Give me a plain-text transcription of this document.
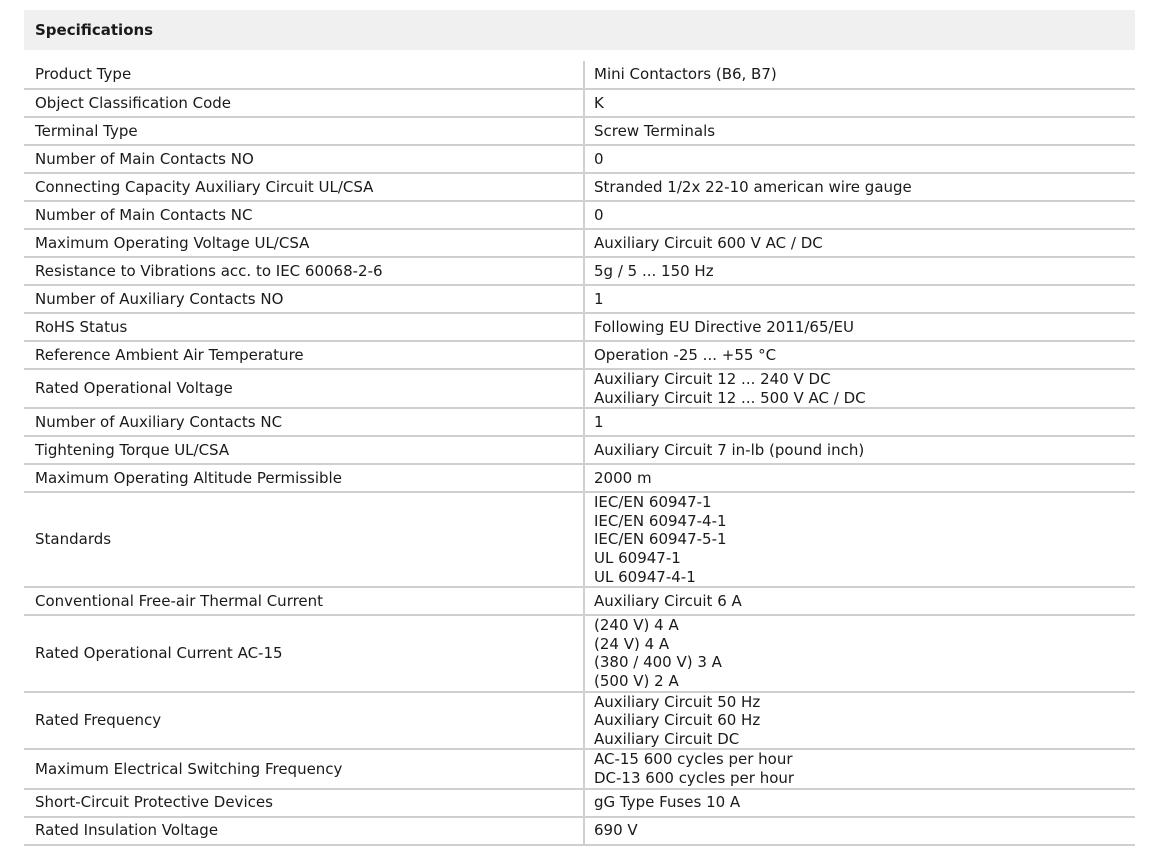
Specifications
Product Type	Mini Contactors (B6, B7)

Object Classification Code	K

Terminal Type	Screw Terminals

Number of Main Contacts NO	0

Connecting Capacity Auxiliary Circuit UL/CSA	Stranded 1/2x 22-10 american wire gauge

Number of Main Contacts NC	0

Maximum Operating Voltage UL/CSA	Auxiliary Circuit 600 V AC / DC

Resistance to Vibrations acc. to IEC 60068-2-6	5g / 5 ... 150 Hz

Number of Auxiliary Contacts NO	1

RoHS Status	Following EU Directive 2011/65/EU

Reference Ambient Air Temperature	Operation -25 ... +55 °C

Rated Operational Voltage	Auxiliary Circuit 12 ... 240 V DC
Auxiliary Circuit 12 ... 500 V AC / DC

Number of Auxiliary Contacts NC	1

Tightening Torque UL/CSA	Auxiliary Circuit 7 in-lb (pound inch)

Maximum Operating Altitude Permissible	2000 m

Standards	IEC/EN 60947-1
IEC/EN 60947-4-1
IEC/EN 60947-5-1
UL 60947-1
UL 60947-4-1

Conventional Free-air Thermal Current	Auxiliary Circuit 6 A

Rated Operational Current AC-15	(240 V) 4 A
(24 V) 4 A
(380 / 400 V) 3 A
(500 V) 2 A

Rated Frequency	Auxiliary Circuit 50 Hz
Auxiliary Circuit 60 Hz
Auxiliary Circuit DC

Maximum Electrical Switching Frequency	AC-15 600 cycles per hour
DC-13 600 cycles per hour

Short-Circuit Protective Devices	gG Type Fuses 10 A

Rated Insulation Voltage	690 V
